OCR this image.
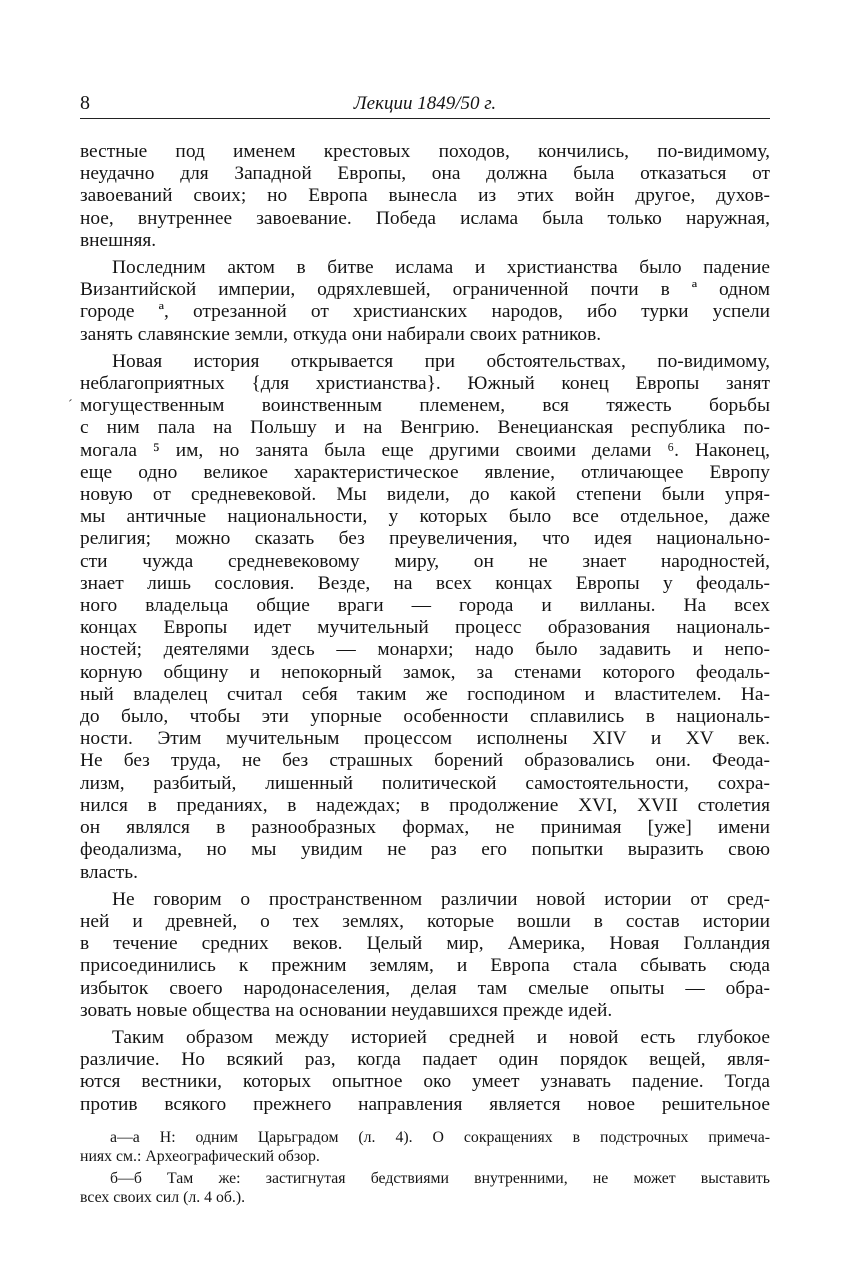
´
8	Лекции 1849/50 г.
вестные под именем крестовых походов, кончились, по-видимому,
неудачно для Западной Европы, она должна была отказаться от
завоеваний своих; но Европа вынесла из этих войн другое, духов-
ное, внутреннее завоевание. Победа ислама была только наружная,
внешняя.
Последним актом в битве ислама и христианства было падение
Византийской империи, одряхлевшей, ограниченной почти в ª одном
городе ª, отрезанной от христианских народов, ибо турки успели
занять славянские земли, откуда они набирали своих ратников.
Новая история открывается при обстоятельствах, по-видимому,
неблагоприятных {для христианства}. Южный конец Европы занят
могущественным воинственным племенем, вся тяжесть борьбы
с ним пала на Польшу и на Венгрию. Венецианская республика по-
могала ⁵ им, но занята была еще другими своими делами ⁶. Наконец,
еще одно великое характеристическое явление, отличающее Европу
новую от средневековой. Мы видели, до какой степени были упря-
мы античные национальности, у которых было все отдельное, даже
религия; можно сказать без преувеличения, что идея национально-
сти чужда средневековому миру, он не знает народностей,
знает лишь сословия. Везде, на всех концах Европы у феодаль-
ного владельца общие враги — города и вилланы. На всех
концах Европы идет мучительный процесс образования националь-
ностей; деятелями здесь — монархи; надо было задавить и непо-
корную общину и непокорный замок, за стенами которого феодаль-
ный владелец считал себя таким же господином и властителем. На-
до было, чтобы эти упорные особенности сплавились в националь-
ности. Этим мучительным процессом исполнены XIV и XV век.
Не без труда, не без страшных борений образовались они. Феода-
лизм, разбитый, лишенный политической самостоятельности, сохра-
нился в преданиях, в надеждах; в продолжение XVI, XVII столетия
он являлся в разнообразных формах, не принимая [уже] имени
феодализма, но мы увидим не раз его попытки выразить свою
власть.
Не говорим о пространственном различии новой истории от сред-
ней и древней, о тех землях, которые вошли в состав истории
в течение средних веков. Целый мир, Америка, Новая Голландия
присоединились к прежним землям, и Европа стала сбывать сюда
избыток своего народонаселения, делая там смелые опыты — обра-
зовать новые общества на основании неудавшихся прежде идей.
Таким образом между историей средней и новой есть глубокое
различие. Но всякий раз, когда падает один порядок вещей, явля-
ются вестники, которых опытное око умеет узнавать падение. Тогда
против всякого прежнего направления является новое решительное
а—а Н: одним Царьградом (л. 4). О сокращениях в подстрочных примеча-
ниях см.: Археографический обзор.
б—б Там же: застигнутая бедствиями внутренними, не может выставить
всех своих сил (л. 4 об.).
